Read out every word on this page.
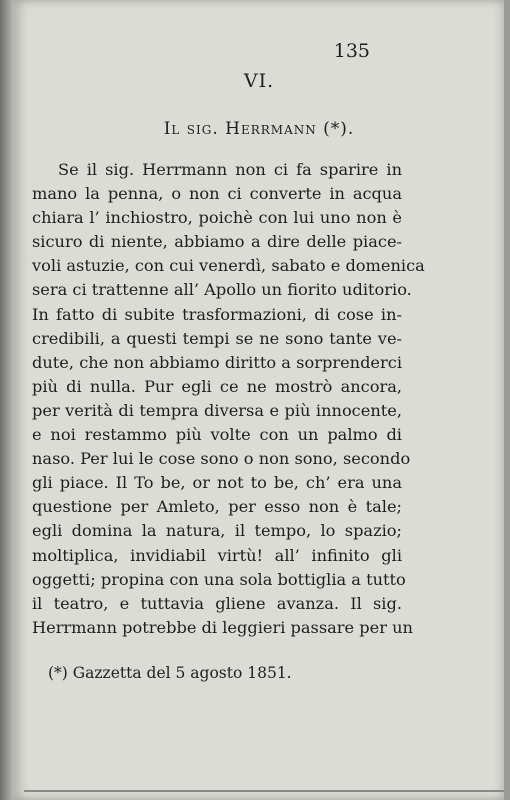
135
VI.
Il sig. Herrmann (*).
Se il sig. Herrmann non ci fa sparire in
mano la penna, o non ci converte in acqua
chiara l’ inchiostro, poichè con lui uno non è
sicuro di niente, abbiamo a dire delle piace-
voli astuzie, con cui venerdì, sabato e domenica
sera ci trattenne all’ Apollo un fiorito uditorio.
In fatto di subite trasformazioni, di cose in-
credibili, a questi tempi se ne sono tante ve-
dute, che non abbiamo diritto a sorprenderci
più di nulla. Pur egli ce ne mostrò ancora,
per verità di tempra diversa e più innocente,
e noi restammo più volte con un palmo di
naso. Per lui le cose sono o non sono, secondo
gli piace. Il To be, or not to be, ch’ era una
questione per Amleto, per esso non è tale;
egli domina la natura, il tempo, lo spazio;
moltiplica, invidiabil virtù! all’ infinito gli
oggetti; propina con una sola bottiglia a tutto
il teatro, e tuttavia gliene avanza. Il sig.
Herrmann potrebbe di leggieri passare per un
(*) Gazzetta del 5 agosto 1851.
